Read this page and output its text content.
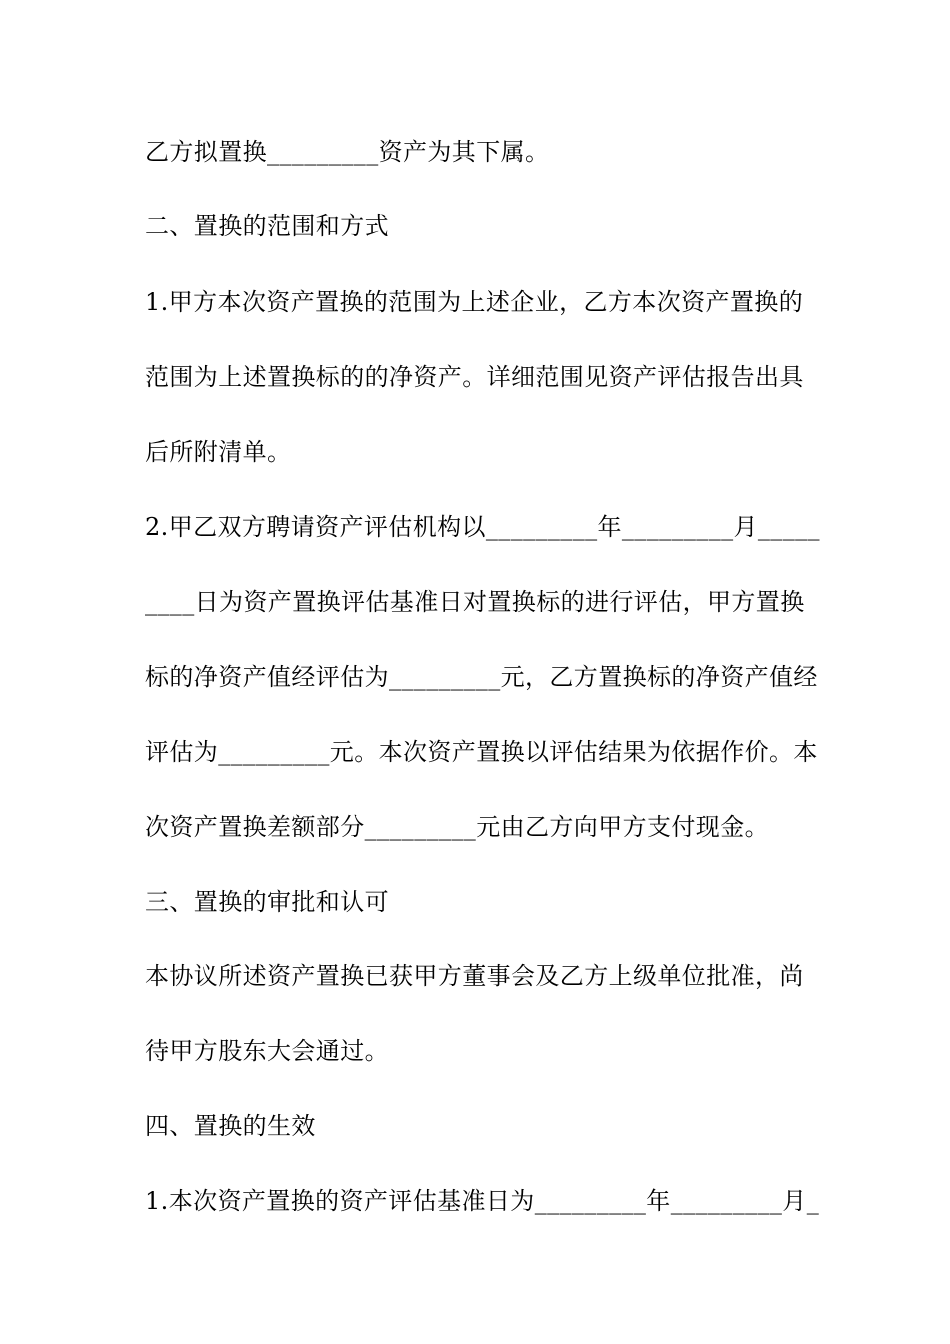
乙方拟置换_________资产为其下属。
二、置换的范围和方式
1.甲方本次资产置换的范围为上述企业，乙方本次资产置换的
范围为上述置换标的的净资产。详细范围见资产评估报告出具
后所附清单。
2.甲乙双方聘请资产评估机构以_________年_________月_____
____日为资产置换评估基准日对置换标的进行评估，甲方置换
标的净资产值经评估为_________元，乙方置换标的净资产值经
评估为_________元。本次资产置换以评估结果为依据作价。本
次资产置换差额部分_________元由乙方向甲方支付现金。
三、置换的审批和认可
本协议所述资产置换已获甲方董事会及乙方上级单位批准，尚
待甲方股东大会通过。
四、置换的生效
1.本次资产置换的资产评估基准日为_________年_________月_
